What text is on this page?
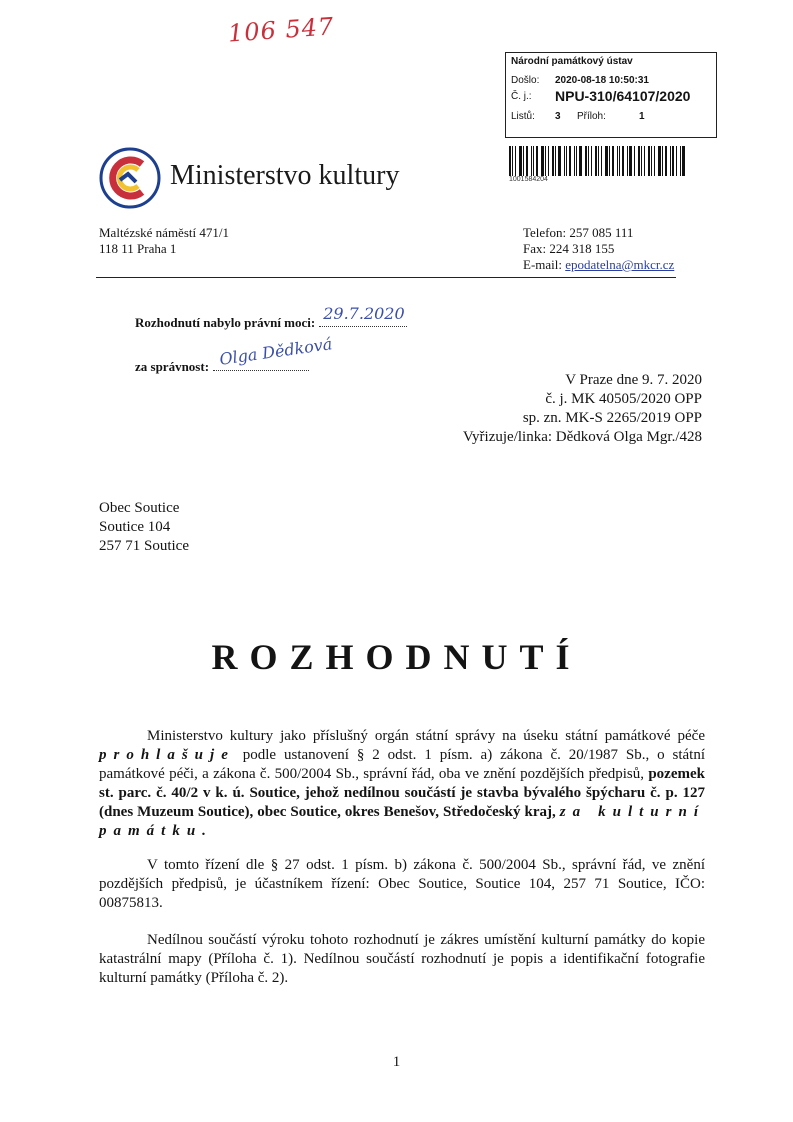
106 547
Národní památkový ústav
Došlo: 2020-08-18 10:50:31
Č. j.: NPU-310/64107/2020
Listů: 3 Příloh:	1
1001584204
Ministerstvo kultury
Maltézské náměstí 471/1
118 11 Praha 1
Telefon: 257 085 111
Fax: 224 318 155
E-mail: epodatelna@mkcr.cz
Rozhodnutí nabylo právní moci: 29.7.2020
za správnost: Olga Dědková
V Praze dne 9. 7. 2020
č. j. MK 40505/2020 OPP
sp. zn. MK-S 2265/2019 OPP
Vyřizuje/linka: Dědková Olga Mgr./428
Obec Soutice
Soutice 104
257 71 Soutice
ROZHODNUTÍ
Ministerstvo kultury jako příslušný orgán státní správy na úseku státní památkové péče prohlašuje podle ustanovení § 2 odst. 1 písm. a) zákona č. 20/1987 Sb., o státní památkové péči, a zákona č. 500/2004 Sb., správní řád, oba ve znění pozdějších předpisů, pozemek st. parc. č. 40/2 v k. ú. Soutice, jehož nedílnou součástí je stavba bývalého špýcharu č. p. 127 (dnes Muzeum Soutice), obec Soutice, okres Benešov, Středočeský kraj, za kulturní památku.
V tomto řízení dle § 27 odst. 1 písm. b) zákona č. 500/2004 Sb., správní řád, ve znění pozdějších předpisů, je účastníkem řízení: Obec Soutice, Soutice 104, 257 71 Soutice, IČO: 00875813.
Nedílnou součástí výroku tohoto rozhodnutí je zákres umístění kulturní památky do kopie katastrální mapy (Příloha č. 1). Nedílnou součástí rozhodnutí je popis a identifikační fotografie kulturní památky (Příloha č. 2).
1
